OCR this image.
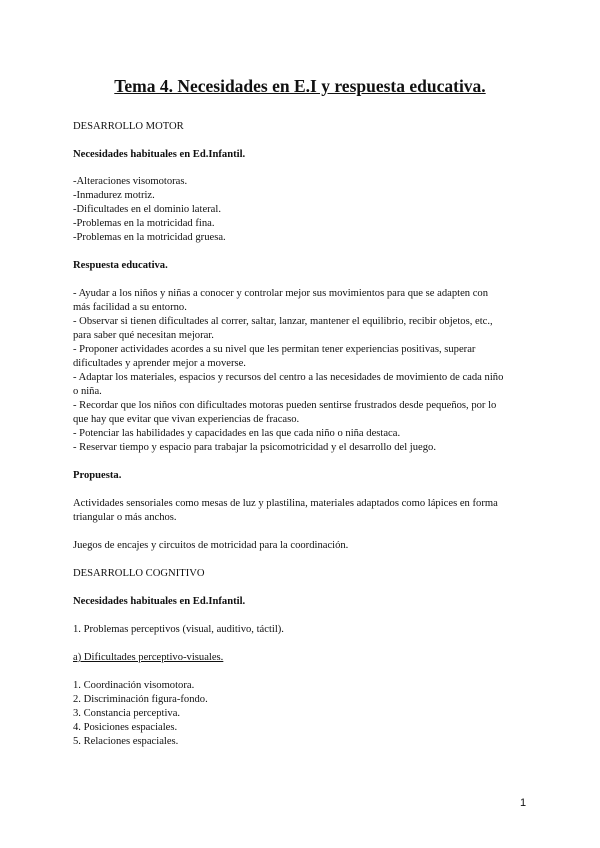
Tema 4. Necesidades en E.I y respuesta educativa.

DESARROLLO MOTOR

Necesidades habituales en Ed.Infantil.

-Alteraciones visomotoras.

-Inmadurez motriz.

-Dificultades en el dominio lateral.

-Problemas en la motricidad fina.

-Problemas en la motricidad gruesa.

Respuesta educativa.

- Ayudar a los niños y niñas a conocer y controlar mejor sus movimientos para que se adapten con

más facilidad a su entorno.

- Observar si tienen dificultades al correr, saltar, lanzar, mantener el equilibrio, recibir objetos, etc.,

para saber qué necesitan mejorar.

- Proponer actividades acordes a su nivel que les permitan tener experiencias positivas, superar

dificultades y aprender mejor a moverse.

- Adaptar los materiales, espacios y recursos del centro a las necesidades de movimiento de cada niño

o niña.

- Recordar que los niños con dificultades motoras pueden sentirse frustrados desde pequeños, por lo

que hay que evitar que vivan experiencias de fracaso.

- Potenciar las habilidades y capacidades en las que cada niño o niña destaca.

- Reservar tiempo y espacio para trabajar la psicomotricidad y el desarrollo del juego.

Propuesta.

Actividades sensoriales como mesas de luz y plastilina, materiales adaptados como lápices en forma

triangular o más anchos.

Juegos de encajes y circuitos de motricidad para la coordinación.

DESARROLLO COGNITIVO

Necesidades habituales en Ed.Infantil.

1. Problemas perceptivos (visual, auditivo, táctil).

a) Dificultades perceptivo-visuales.

1. Coordinación visomotora.

2. Discriminación figura-fondo.

3. Constancia perceptiva.

4. Posiciones espaciales.

5. Relaciones espaciales.

1
